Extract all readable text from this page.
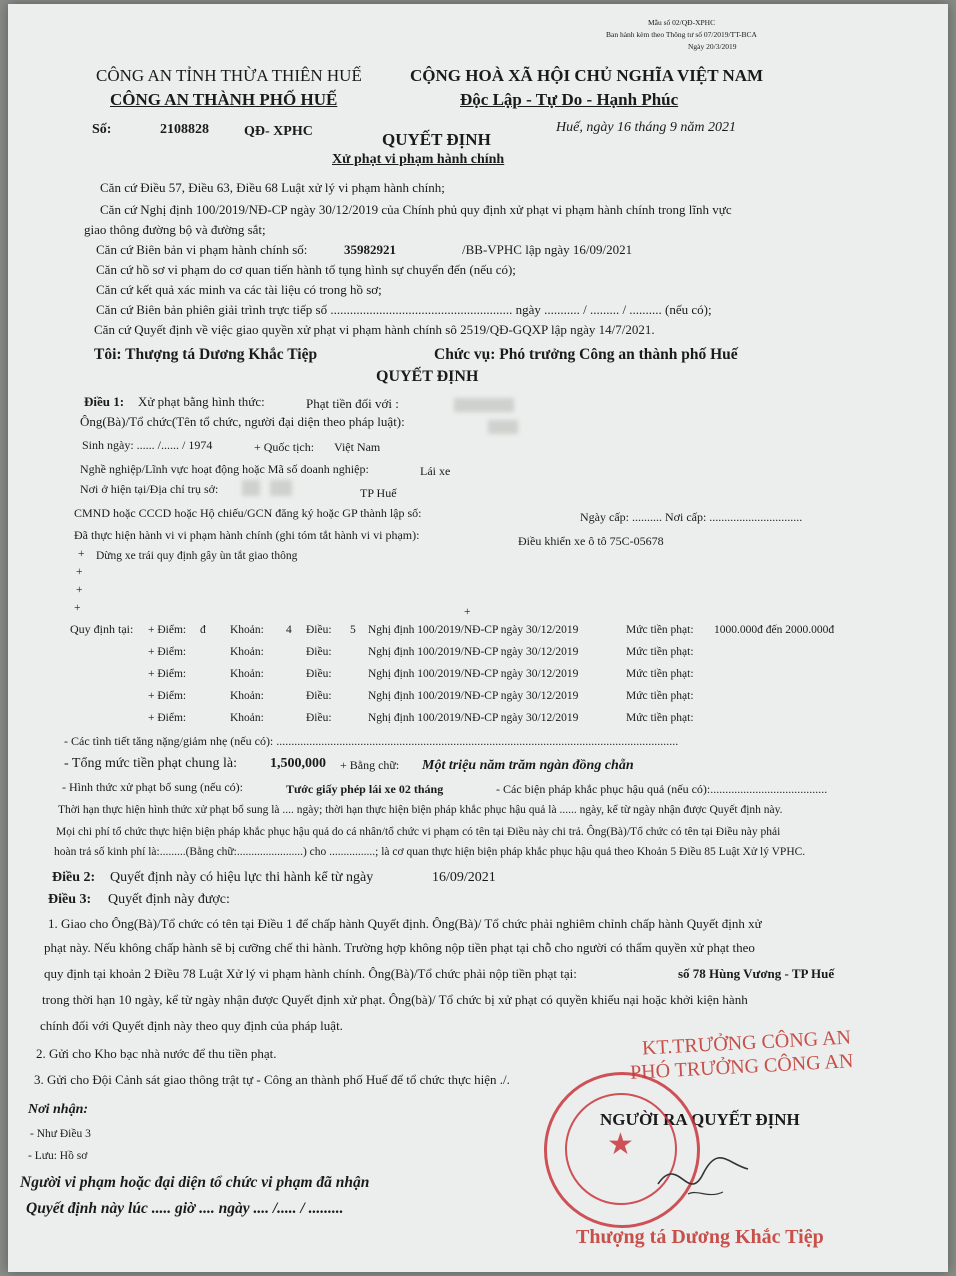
Mẫu số 02/QĐ-XPHC
Ban hành kèm theo Thông tư số 07/2019/TT-BCA
Ngày 20/3/2019
CÔNG AN TỈNH THỪA THIÊN HUẾ
CÔNG AN THÀNH PHỐ HUẾ
CỘNG HOÀ XÃ HỘI CHỦ NGHĨA VIỆT NAM
Độc Lập - Tự Do - Hạnh Phúc
Số:	2108828	QĐ- XPHC	Huế, ngày 16 tháng 9 năm 2021
QUYẾT ĐỊNH
Xử phạt vi phạm hành chính
Căn cứ Điều 57, Điều 63, Điều 68 Luật xử lý vi phạm hành chính;
Căn cứ Nghị định 100/2019/NĐ-CP ngày 30/12/2019 của Chính phủ quy định xử phạt vi phạm hành chính trong lĩnh vực
giao thông đường bộ và đường sắt;
Căn cứ Biên bản vi phạm hành chính số:	35982921	/BB-VPHC lập ngày 16/09/2021
Căn cứ hồ sơ vi phạm do cơ quan tiến hành tố tụng hình sự chuyển đến (nếu có);
Căn cứ kết quả xác minh va các tài liệu có trong hồ sơ;
Căn cứ Biên bản phiên giải trình trực tiếp số ........................................................ ngày ........... / ......... / .......... (nếu có);
Căn cứ Quyết định về việc giao quyền xử phạt vi phạm hành chính sô 2519/QĐ-GQXP lập ngày 14/7/2021.
Tôi: Thượng tá Dương Khắc Tiệp	Chức vụ: Phó trưởng Công an thành phố Huế
QUYẾT ĐỊNH
Điều 1: Xử phạt bằng hình thức:	Phạt tiền đối với :
Ông(Bà)/Tổ chức(Tên tổ chức, người đại diện theo pháp luật):
Sinh ngày: ...... /...... / 1974	+ Quốc tịch: Việt Nam
Nghề nghiệp/Lĩnh vực hoạt động hoặc Mã số doanh nghiệp:	Lái xe
Nơi ở hiện tại/Địa chỉ trụ sở:	TP Huế
CMND hoặc CCCD hoặc Hộ chiếu/GCN đăng ký hoặc GP thành lập số:	Ngày cấp: .......... Nơi cấp: ...............................
Đã thực hiện hành vi vi phạm hành chính (ghi tóm tắt hành vi vi phạm):	Điều khiển xe ô tô 75C-05678
+ Dừng xe trái quy định gây ùn tắt giao thông
+
+
+	+
Quy định tại: + Điểm: đ Khoản: 4 Điều: 5 Nghị định 100/2019/NĐ-CP ngày 30/12/2019	Mức tiền phạt: 1000.000đ đến 2000.000đ
+ Điểm:	Khoản:	Điều:	Nghị định 100/2019/NĐ-CP ngày 30/12/2019	Mức tiền phạt:
+ Điểm:	Khoản:	Điều:	Nghị định 100/2019/NĐ-CP ngày 30/12/2019	Mức tiền phạt:
+ Điểm:	Khoản:	Điều:	Nghị định 100/2019/NĐ-CP ngày 30/12/2019	Mức tiền phạt:
+ Điểm:	Khoản:	Điều:	Nghị định 100/2019/NĐ-CP ngày 30/12/2019	Mức tiền phạt:
- Các tình tiết tăng nặng/giảm nhẹ (nếu có): ......................................................................................................................................
- Tổng mức tiền phạt chung là: 1,500,000 + Bằng chữ: Một triệu năm trăm ngàn đồng chẵn
- Hình thức xử phạt bổ sung (nếu có):	Tước giấy phép lái xe 02 tháng	- Các biện pháp khắc phục hậu quả (nếu có):.......................................
Thời hạn thực hiện hình thức xử phạt bổ sung là .... ngày; thời hạn thực hiện biện pháp khắc phục hậu quả là ...... ngày, kể từ ngày nhận được Quyết định này.
Mọi chi phí tổ chức thực hiện biện pháp khắc phục hậu quả do cá nhân/tổ chức vi phạm có tên tại Điều này chi trả. Ông(Bà)/Tổ chức có tên tại Điều này phải
hoàn trả số kinh phí là:.........(Bằng chữ:.......................) cho ................; là cơ quan thực hiện biện pháp khắc phục hậu quả theo Khoản 5 Điều 85 Luật Xử lý VPHC.
Điều 2: Quyết định này có hiệu lực thi hành kể từ ngày	16/09/2021
Điều 3: Quyết định này được:
1. Giao cho Ông(Bà)/Tổ chức có tên tại Điều 1 để chấp hành Quyết định. Ông(Bà)/ Tổ chức phải nghiêm chỉnh chấp hành Quyết định xử
phạt này. Nếu không chấp hành sẽ bị cưỡng chế thi hành. Trường hợp không nộp tiền phạt tại chỗ cho người có thẩm quyền xử phạt theo
quy định tại khoản 2 Điều 78 Luật Xử lý vi phạm hành chính. Ông(Bà)/Tổ chức phải nộp tiền phạt tại:	số 78 Hùng Vương - TP Huế
trong thời hạn 10 ngày, kể từ ngày nhận được Quyết định xử phạt. Ông(bà)/ Tổ chức bị xử phạt có quyền khiếu nại hoặc khởi kiện hành
chính đối với Quyết định này theo quy định của pháp luật.
2. Gửi cho Kho bạc nhà nước để thu tiền phạt.
3. Gửi cho Đội Cảnh sát giao thông trật tự - Công an thành phố Huế để tổ chức thực hiện ./.
Nơi nhận:
- Như Điều 3
- Lưu: Hồ sơ
Người vi phạm hoặc đại diện tổ chức vi phạm đã nhận
Quyết định này lúc ..... giờ .... ngày .... /..... / .........
KT.TRƯỞNG CÔNG AN
PHÓ TRƯỞNG CÔNG AN
NGƯỜI RA QUYẾT ĐỊNH
★
Thượng tá Dương Khắc Tiệp
